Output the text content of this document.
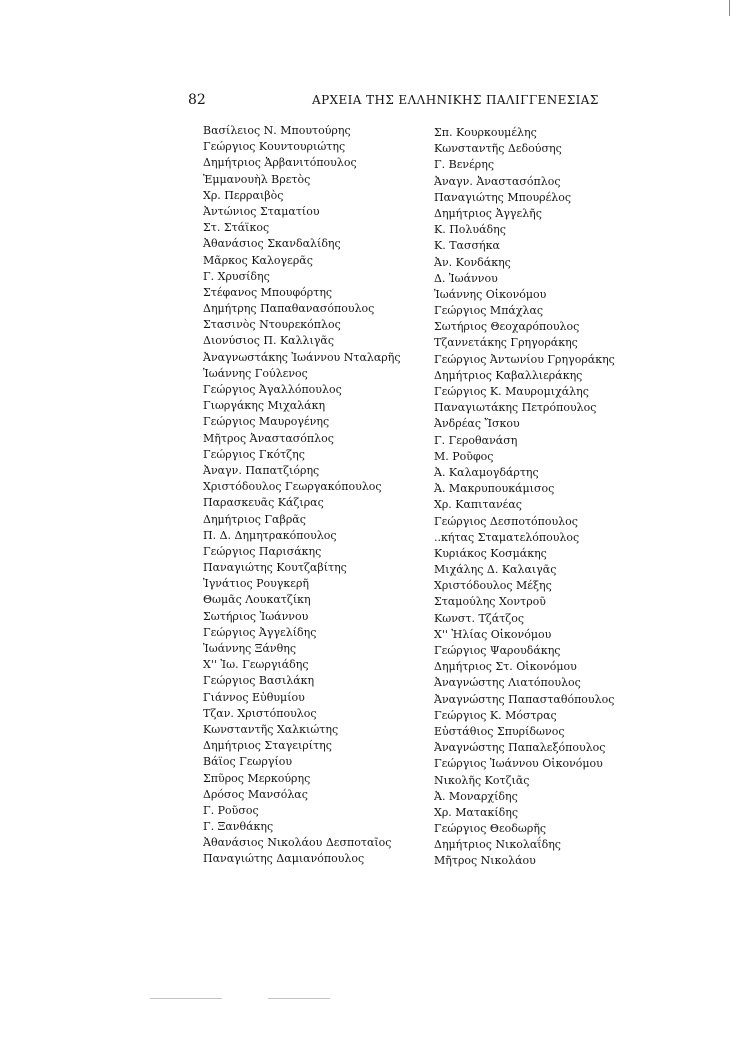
82	ΑΡΧΕΙΑ ΤΗΣ ΕΛΛΗΝΙΚΗΣ ΠΑΛΙΓΓΕΝΕΣΙΑΣ
Βασίλειος Ν. Μπουτούρης
Γεώργιος Κουντουριώτης
Δημήτριος Ἀρβανιτόπουλος
Ἐμμανουὴλ Βρετὸς
Χρ. Περραιβὸς
Ἀντώνιος Σταματίου
Στ. Στάϊκος
Ἀθανάσιος Σκανδαλίδης
Μᾶρκος Καλογερᾶς
Γ. Χρυσίδης
Στέφανος Μπουφόρτης
Δημήτρης Παπαθανασόπουλος
Στασινὸς Ντουρεκόπλος
Διονύσιος Π. Καλλιγᾶς
Ἀναγνωστάκης Ἰωάννου Νταλαρῆς
Ἰωάννης Γούλενος
Γεώργιος Ἀγαλλόπουλος
Γιωργάκης Μιχαλάκη
Γεώργιος Μαυρογένης
Μῆτρος Ἀναστασόπλος
Γεώργιος Γκότζης
Ἀναγν. Παπατζιόρης
Χριστόδουλος Γεωργακόπουλος
Παρασκευᾶς Κάζιρας
Δημήτριος Γαβρᾶς
Π. Δ. Δημητρακόπουλος
Γεώργιος Παρισάκης
Παναγιώτης Κουτζαβίτης
Ἰγνάτιος Ρουγκερῆ
Θωμᾶς Λουκατζίκη
Σωτήριος Ἰωάννου
Γεώργιος Ἀγγελίδης
Ἰωάννης Ξάνθης
Χ'' Ἰω. Γεωργιάδης
Γεώργιος Βασιλάκη
Γιάννος Εὐθυμίου
Τζαν. Χριστόπουλος
Κωνσταντῆς Χαλκιώτης
Δημήτριος Σταγειρίτης
Βάϊος Γεωργίου
Σπῦρος Μερκούρης
Δρόσος Μανσόλας
Γ. Ροῦσος
Γ. Ξανθάκης
Ἀθανάσιος Νικολάου Δεσποταῖος
Παναγιώτης Δαμιανόπουλος
Σπ. Κουρκουμέλης
Κωνσταντῆς Δεδούσης
Γ. Βενέρης
Ἀναγν. Ἀναστασόπλος
Παναγιώτης Μπουρέλος
Δημήτριος Ἀγγελῆς
Κ. Πολυάδης
Κ. Τασσήκα
Ἀν. Κονδάκης
Δ. Ἰωάννου
Ἰωάννης Οἰκονόμου
Γεώργιος Μπάχλας
Σωτήριος Θεοχαρόπουλος
Τζαννετάκης Γρηγοράκης
Γεώργιος Ἀντωνίου Γρηγοράκης
Δημήτριος Καβαλλιεράκης
Γεώργιος Κ. Μαυρομιχάλης
Παναγιωτάκης Πετρόπουλος
Ἀνδρέας Ἴσκου
Γ. Γεροθανάση
Μ. Ροῦφος
Ἀ. Καλαμογδάρτης
Ἀ. Μακρυπουκάμισος
Χρ. Καπιτανέας
Γεώργιος Δεσποτόπουλος
..κήτας Σταματελόπουλος
Κυριάκος Κοσμάκης
Μιχάλης Δ. Καλαιγᾶς
Χριστόδουλος Μέξης
Σταμούλης Χοντροῦ
Κωνστ. Τζάτζος
Χ'' Ἠλίας Οἰκονόμου
Γεώργιος Ψαρουδάκης
Δημήτριος Στ. Οἰκονόμου
Ἀναγνώστης Λιατόπουλος
Ἀναγνώστης Παπασταθόπουλος
Γεώργιος Κ. Μόστρας
Εὐστάθιος Σπυρίδωνος
Ἀναγνώστης Παπαλεξόπουλος
Γεώργιος Ἰωάννου Οἰκονόμου
Νικολῆς Κοτζιᾶς
Ἀ. Μοναρχίδης
Χρ. Ματακίδης
Γεώργιος Θεοδωρῆς
Δημήτριος Νικολαΐδης
Μῆτρος Νικολάου
